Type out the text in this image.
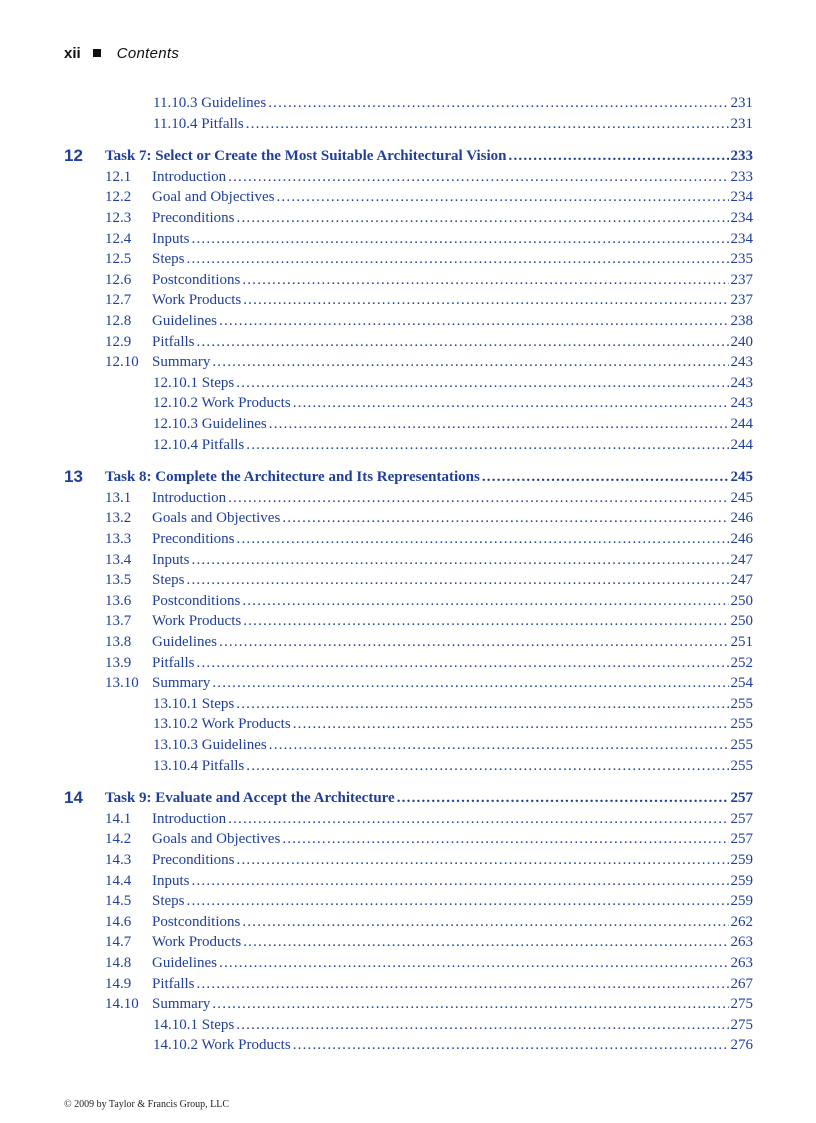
xii Contents
11.10.3 Guidelines .....	231
11.10.4 Pitfalls .....	231
12 Task 7: Select or Create the Most Suitable Architectural Vision .....	233
12.1 Introduction .....	233
12.2 Goal and Objectives .....	234
12.3 Preconditions .....	234
12.4 Inputs .....	234
12.5 Steps .....	235
12.6 Postconditions .....	237
12.7 Work Products .....	237
12.8 Guidelines .....	238
12.9 Pitfalls .....	240
12.10 Summary .....	243
12.10.1 Steps .....	243
12.10.2 Work Products .....	243
12.10.3 Guidelines .....	244
12.10.4 Pitfalls .....	244
13 Task 8: Complete the Architecture and Its Representations .....	245
13.1 Introduction .....	245
13.2 Goals and Objectives .....	246
13.3 Preconditions .....	246
13.4 Inputs .....	247
13.5 Steps .....	247
13.6 Postconditions .....	250
13.7 Work Products .....	250
13.8 Guidelines .....	251
13.9 Pitfalls .....	252
13.10 Summary .....	254
13.10.1 Steps .....	255
13.10.2 Work Products .....	255
13.10.3 Guidelines .....	255
13.10.4 Pitfalls .....	255
14 Task 9: Evaluate and Accept the Architecture .....	257
14.1 Introduction .....	257
14.2 Goals and Objectives .....	257
14.3 Preconditions .....	259
14.4 Inputs .....	259
14.5 Steps .....	259
14.6 Postconditions .....	262
14.7 Work Products .....	263
14.8 Guidelines .....	263
14.9 Pitfalls .....	267
14.10 Summary .....	275
14.10.1 Steps .....	275
14.10.2 Work Products .....	276
© 2009 by Taylor & Francis Group, LLC
